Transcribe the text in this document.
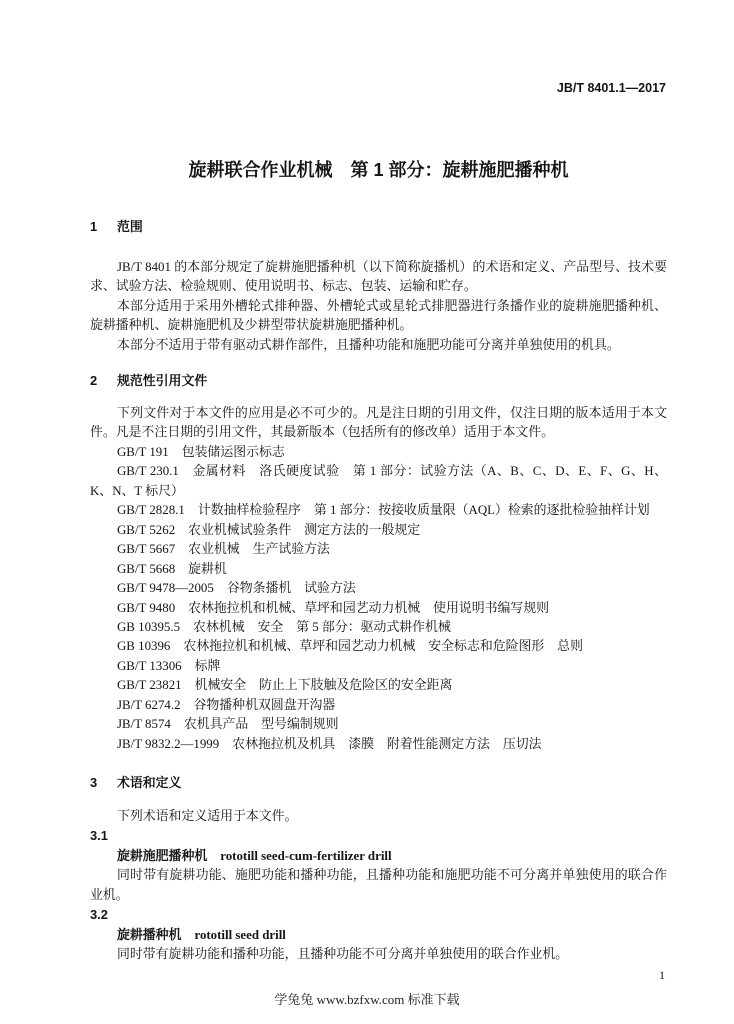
JB/T 8401.1—2017
旋耕联合作业机械　第 1 部分：旋耕施肥播种机
1 范围

JB/T 8401 的本部分规定了旋耕施肥播种机（以下简称旋播机）的术语和定义、产品型号、技术要求、试验方法、检验规则、使用说明书、标志、包装、运输和贮存。

本部分适用于采用外槽轮式排种器、外槽轮式或星轮式排肥器进行条播作业的旋耕施肥播种机、旋耕播种机、旋耕施肥机及少耕型带状旋耕施肥播种机。

本部分不适用于带有驱动式耕作部件，且播种功能和施肥功能可分离并单独使用的机具。

2 规范性引用文件

下列文件对于本文件的应用是必不可少的。凡是注日期的引用文件，仅注日期的版本适用于本文件。凡是不注日期的引用文件，其最新版本（包括所有的修改单）适用于本文件。

GB/T 191 包装储运图示标志

GB/T 230.1 金属材料　洛氏硬度试验　第 1 部分：试验方法（A、B、C、D、E、F、G、H、K、N、T 标尺）

GB/T 2828.1 计数抽样检验程序　第 1 部分：按接收质量限（AQL）检索的逐批检验抽样计划

GB/T 5262 农业机械试验条件　测定方法的一般规定

GB/T 5667 农业机械　生产试验方法

GB/T 5668 旋耕机

GB/T 9478—2005 谷物条播机　试验方法

GB/T 9480 农林拖拉机和机械、草坪和园艺动力机械　使用说明书编写规则

GB 10395.5 农林机械　安全　第 5 部分：驱动式耕作机械

GB 10396 农林拖拉机和机械、草坪和园艺动力机械　安全标志和危险图形　总则

GB/T 13306 标牌

GB/T 23821 机械安全　防止上下肢触及危险区的安全距离

JB/T 6274.2 谷物播种机双圆盘开沟器

JB/T 8574 农机具产品　型号编制规则

JB/T 9832.2—1999 农林拖拉机及机具　漆膜　附着性能测定方法　压切法

3 术语和定义

下列术语和定义适用于本文件。

3.1

旋耕施肥播种机 rototill seed-cum-fertilizer drill

同时带有旋耕功能、施肥功能和播种功能，且播种功能和施肥功能不可分离并单独使用的联合作业机。

3.2

旋耕播种机 rototill seed drill

同时带有旋耕功能和播种功能，且播种功能不可分离并单独使用的联合作业机。

1
学兔兔 www.bzfxw.com 标准下载
